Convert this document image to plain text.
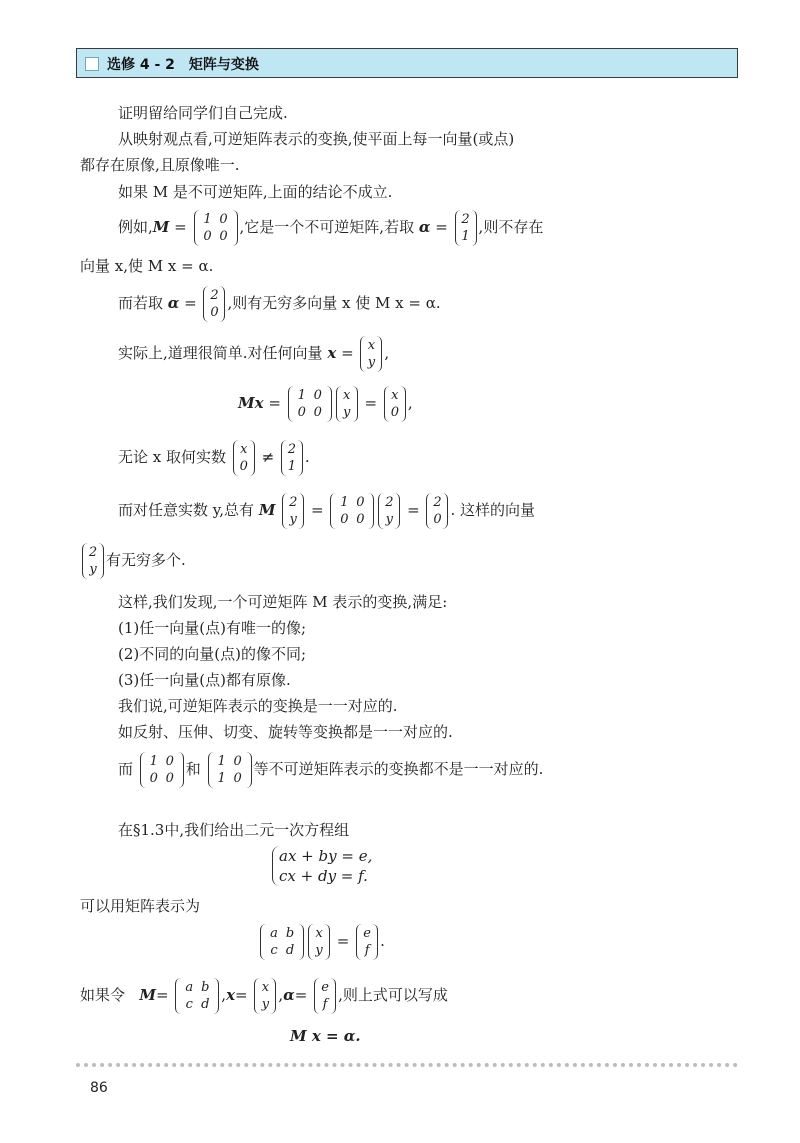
选修 4 - 2 矩阵与变换
证明留给同学们自己完成.
从映射观点看,可逆矩阵表示的变换,使平面上每一向量(或点)
都存在原像,且原像唯一.
如果 M 是不可逆矩阵,上面的结论不成立.
例如,M = 1 0
0 0
,它是一个不可逆矩阵,若取 α = 2
1
,则不存在
向量 x,使 M x = α.
而若取 α = 2
0
,则有无穷多向量 x 使 M x = α.
实际上,道理很简单.对任何向量 x = x
y
,
Mx = 1 0
0 0
x
y
= x
0
,
无论 x 取何实数 x
0
≠ 2
1
.
而对任意实数 y,总有 M 2
y
= 1 0
0 0
2
y
= 2
0
. 这样的向量
2
y
有无穷多个.
这样,我们发现,一个可逆矩阵 M 表示的变换,满足:
(1)任一向量(点)有唯一的像;
(2)不同的向量(点)的像不同;
(3)任一向量(点)都有原像.
我们说,可逆矩阵表示的变换是一一对应的.
如反射、压伸、切变、旋转等变换都是一一对应的.
而 1 0
0 0
和 1 0
1 0
等不可逆矩阵表示的变换都不是一一对应的.
在§1.3中,我们给出二元一次方程组
ax + by = e,
cx + dy = f.
可以用矩阵表示为
a b
c d
x
y
= e
f
.
如果令 M=	a b
c d
,x= x
y
,α= e
f
,则上式可以写成
M x = α.
86
